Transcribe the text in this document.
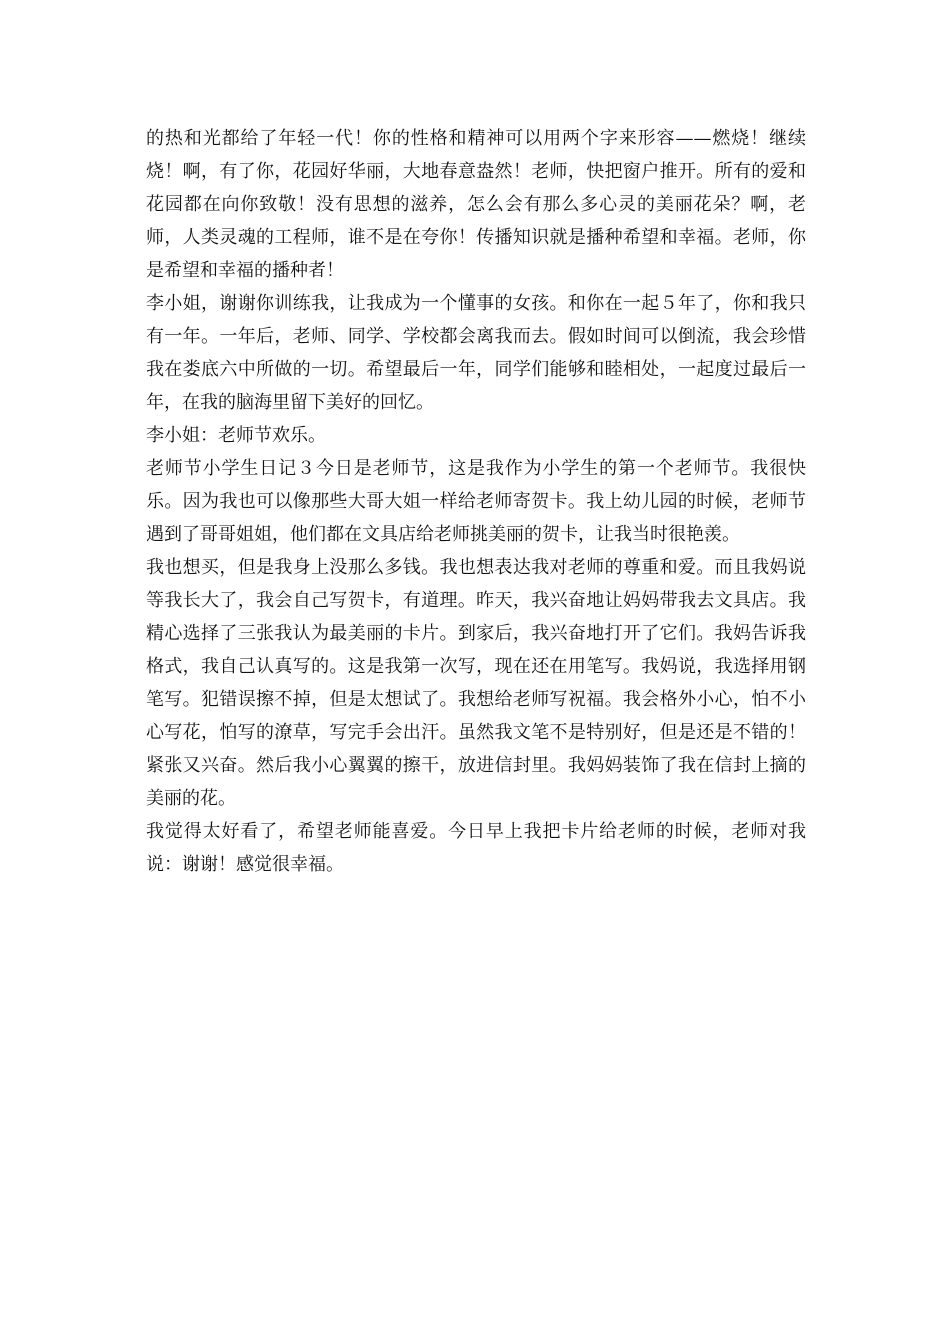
的热和光都给了年轻一代！你的性格和精神可以用两个字来形容——燃烧！继续烧！啊，有了你，花园好华丽，大地春意盎然！老师，快把窗户推开。所有的爱和花园都在向你致敬！没有思想的滋养，怎么会有那么多心灵的美丽花朵？啊，老师，人类灵魂的工程师，谁不是在夸你！传播知识就是播种希望和幸福。老师，你是希望和幸福的播种者！

李小姐，谢谢你训练我，让我成为一个懂事的女孩。和你在一起５年了，你和我只有一年。一年后，老师、同学、学校都会离我而去。假如时间可以倒流，我会珍惜我在娄底六中所做的一切。希望最后一年，同学们能够和睦相处，一起度过最后一年，在我的脑海里留下美好的回忆。

李小姐：老师节欢乐。

老师节小学生日记３今日是老师节，这是我作为小学生的第一个老师节。我很快乐。因为我也可以像那些大哥大姐一样给老师寄贺卡。我上幼儿园的时候，老师节遇到了哥哥姐姐，他们都在文具店给老师挑美丽的贺卡，让我当时很艳羡。

我也想买，但是我身上没那么多钱。我也想表达我对老师的尊重和爱。而且我妈说等我长大了，我会自己写贺卡，有道理。昨天，我兴奋地让妈妈带我去文具店。我精心选择了三张我认为最美丽的卡片。到家后，我兴奋地打开了它们。我妈告诉我格式，我自己认真写的。这是我第一次写，现在还在用笔写。我妈说，我选择用钢笔写。犯错误擦不掉，但是太想试了。我想给老师写祝福。我会格外小心，怕不小心写花，怕写的潦草，写完手会出汗。虽然我文笔不是特别好，但是还是不错的！紧张又兴奋。然后我小心翼翼的擦干，放进信封里。我妈妈装饰了我在信封上摘的美丽的花。

我觉得太好看了，希望老师能喜爱。今日早上我把卡片给老师的时候，老师对我说：谢谢！感觉很幸福。
